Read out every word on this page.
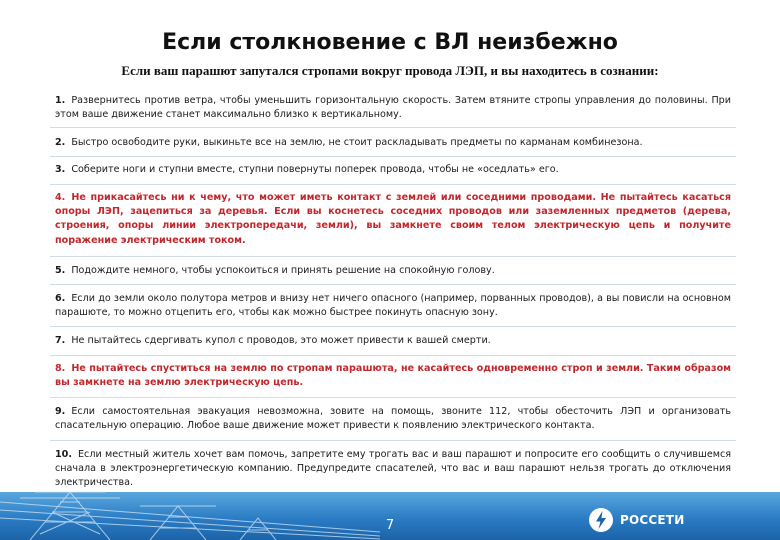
Если столкновение с ВЛ неизбежно
Если ваш парашют запутался стропами вокруг провода ЛЭП, и вы находитесь в сознании:
1. Развернитесь против ветра, чтобы уменьшить горизонтальную скорость. Затем втяните стропы управления до половины. При этом ваше движение станет максимально близко к вертикальному.
2. Быстро освободите руки, выкиньте все на землю, не стоит раскладывать предметы по карманам комбинезона.
3. Соберите ноги и ступни вместе, ступни повернуты поперек провода, чтобы не «оседлать» его.
4. Не прикасайтесь ни к чему, что может иметь контакт с землей или соседними проводами. Не пытайтесь касаться опоры ЛЭП, зацепиться за деревья. Если вы коснетесь соседних проводов или заземленных предметов (дерева, строения, опоры линии электропередачи, земли), вы замкнете своим телом электрическую цепь и получите поражение электрическим током.
5. Подождите немного, чтобы успокоиться и принять решение на спокойную голову.
6. Если до земли около полутора метров и внизу нет ничего опасного (например, порванных проводов), а вы повисли на основном парашюте, то можно отцепить его, чтобы как можно быстрее покинуть опасную зону.
7. Не пытайтесь сдергивать купол с проводов, это может привести к вашей смерти.
8. Не пытайтесь спуститься на землю по стропам парашюта, не касайтесь одновременно строп и земли. Таким образом вы замкнете на землю электрическую цепь.
9. Если самостоятельная эвакуация невозможна, зовите на помощь, звоните 112, чтобы обесточить ЛЭП и организовать спасательную операцию. Любое ваше движение может привести к появлению электрического контакта.
10. Если местный житель хочет вам помочь, запретите ему трогать вас и ваш парашют и попросите его сообщить о случившемся сначала в электроэнергетическую компанию. Предупредите спасателей, что вас и ваш парашют нельзя трогать до отключения электричества.
7	РОССЕТИ
